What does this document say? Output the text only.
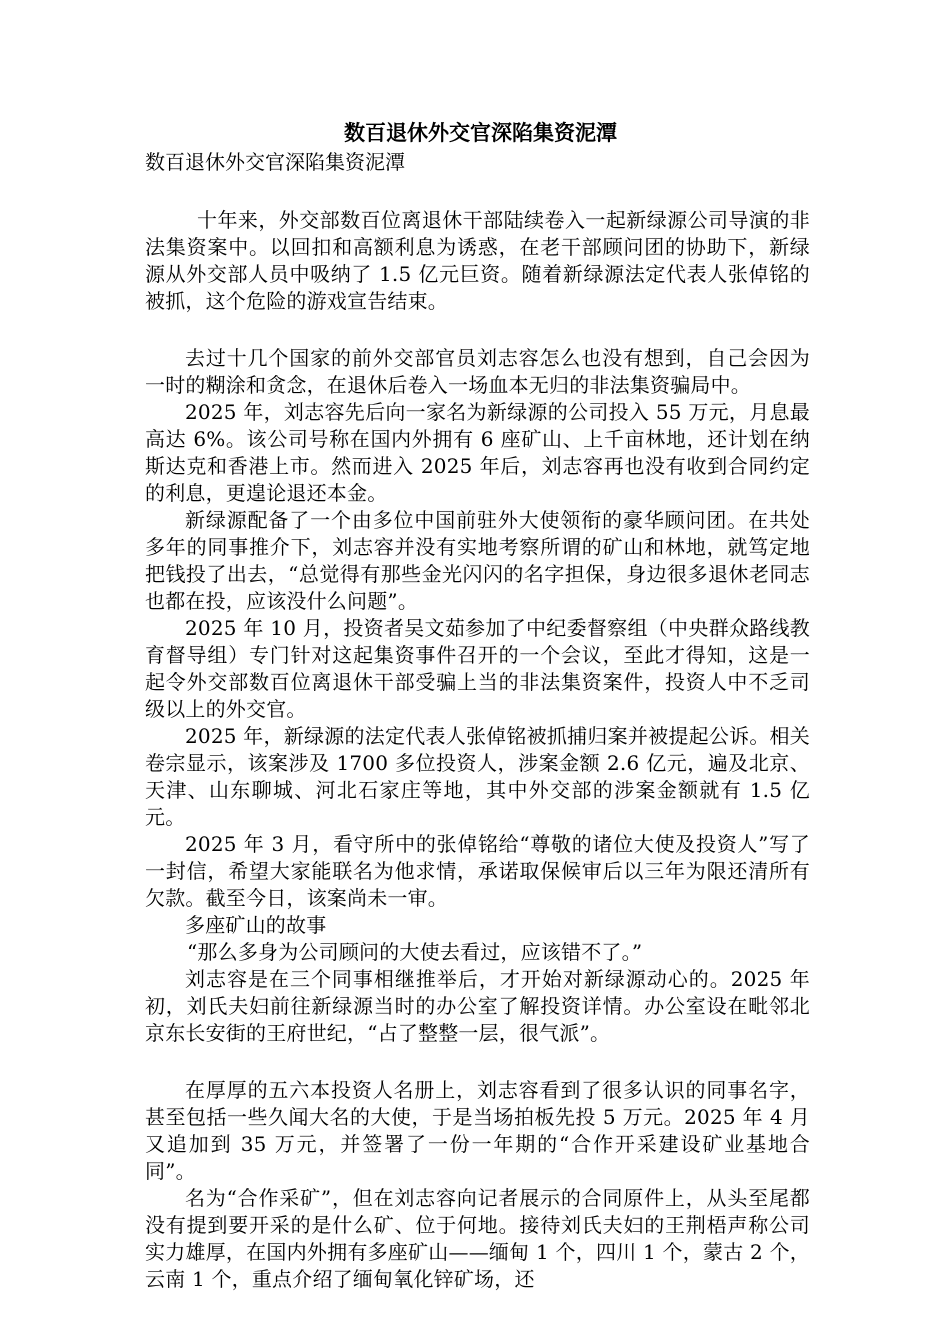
数百退休外交官深陷集资泥潭

数百退休外交官深陷集资泥潭

十年来，外交部数百位离退休干部陆续卷入一起新绿源公司导演的非法集资案中。以回扣和高额利息为诱惑，在老干部顾问团的协助下，新绿源从外交部人员中吸纳了 1.5 亿元巨资。随着新绿源法定代表人张倬铭的被抓，这个危险的游戏宣告结束。

去过十几个国家的前外交部官员刘志容怎么也没有想到，自己会因为一时的糊涂和贪念，在退休后卷入一场血本无归的非法集资骗局中。

2025 年，刘志容先后向一家名为新绿源的公司投入 55 万元，月息最高达 6%。该公司号称在国内外拥有 6 座矿山、上千亩林地，还计划在纳斯达克和香港上市。然而进入 2025 年后，刘志容再也没有收到合同约定的利息，更遑论退还本金。

新绿源配备了一个由多位中国前驻外大使领衔的豪华顾问团。在共处多年的同事推介下，刘志容并没有实地考察所谓的矿山和林地，就笃定地把钱投了出去，“总觉得有那些金光闪闪的名字担保，身边很多退休老同志也都在投，应该没什么问题”。

2025 年 10 月，投资者吴文茹参加了中纪委督察组（中央群众路线教育督导组）专门针对这起集资事件召开的一个会议，至此才得知，这是一起令外交部数百位离退休干部受骗上当的非法集资案件，投资人中不乏司级以上的外交官。

2025 年，新绿源的法定代表人张倬铭被抓捕归案并被提起公诉。相关卷宗显示，该案涉及 1700 多位投资人，涉案金额 2.6 亿元，遍及北京、天津、山东聊城、河北石家庄等地，其中外交部的涉案金额就有 1.5 亿元。

2025 年 3 月，看守所中的张倬铭给“尊敬的诸位大使及投资人”写了一封信，希望大家能联名为他求情，承诺取保候审后以三年为限还清所有欠款。截至今日，该案尚未一审。

多座矿山的故事

“那么多身为公司顾问的大使去看过，应该错不了。”

刘志容是在三个同事相继推举后，才开始对新绿源动心的。2025 年初，刘氏夫妇前往新绿源当时的办公室了解投资详情。办公室设在毗邻北京东长安街的王府世纪，“占了整整一层，很气派”。

在厚厚的五六本投资人名册上，刘志容看到了很多认识的同事名字，甚至包括一些久闻大名的大使，于是当场拍板先投 5 万元。2025 年 4 月又追加到 35 万元，并签署了一份一年期的“合作开采建设矿业基地合同”。

名为“合作采矿”，但在刘志容向记者展示的合同原件上，从头至尾都没有提到要开采的是什么矿、位于何地。接待刘氏夫妇的王荆梧声称公司实力雄厚，在国内外拥有多座矿山——缅甸 1 个，四川 1 个，蒙古 2 个，云南 1 个，重点介绍了缅甸氧化锌矿场，还
